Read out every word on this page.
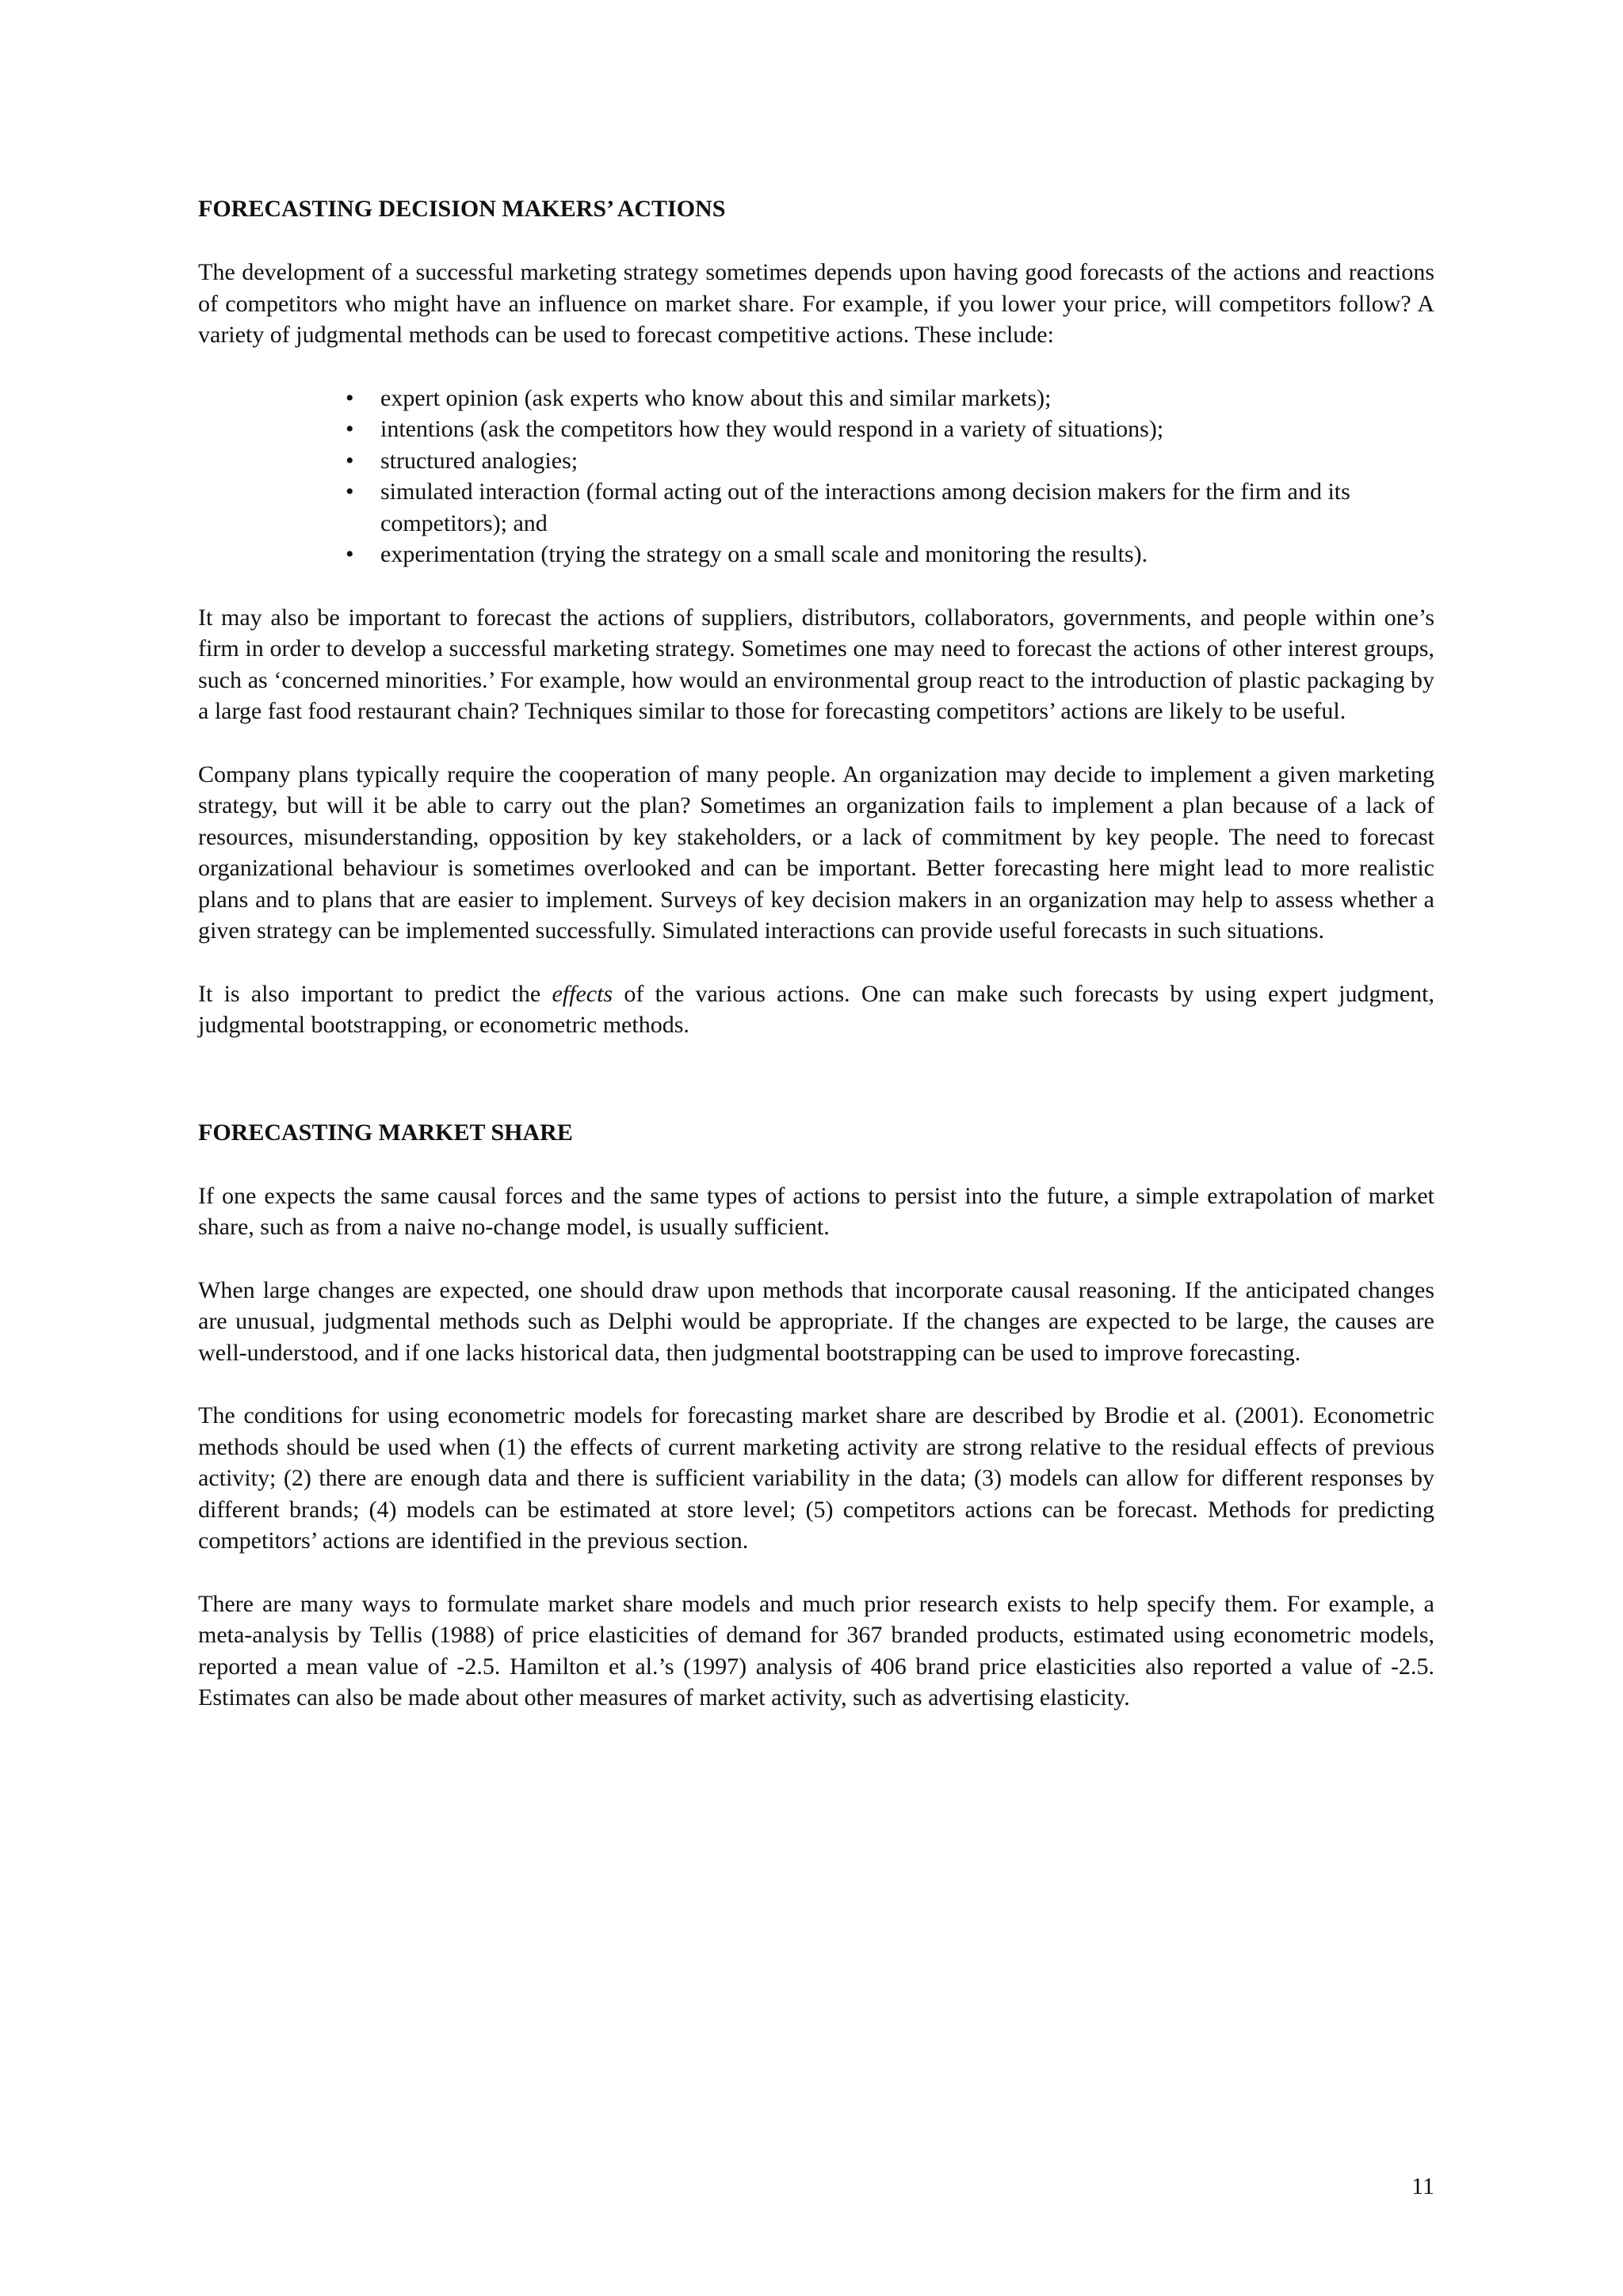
FORECASTING DECISION MAKERS’ ACTIONS

The development of a successful marketing strategy sometimes depends upon having good forecasts of the actions and reactions of competitors who might have an influence on market share. For example, if you lower your price, will competitors follow? A variety of judgmental methods can be used to forecast competitive actions. These include:

• expert opinion (ask experts who know about this and similar markets);
• intentions (ask the competitors how they would respond in a variety of situations);
• structured analogies;
• simulated interaction (formal acting out of the interactions among decision makers for the firm and its competitors); and
• experimentation (trying the strategy on a small scale and monitoring the results).

It may also be important to forecast the actions of suppliers, distributors, collaborators, governments, and people within one’s firm in order to develop a successful marketing strategy. Sometimes one may need to forecast the actions of other interest groups, such as ‘concerned minorities.’ For example, how would an environmental group react to the introduction of plastic packaging by a large fast food restaurant chain? Techniques similar to those for forecasting competitors’ actions are likely to be useful.

Company plans typically require the cooperation of many people. An organization may decide to implement a given marketing strategy, but will it be able to carry out the plan? Sometimes an organization fails to implement a plan because of a lack of resources, misunderstanding, opposition by key stakeholders, or a lack of commitment by key people. The need to forecast organizational behaviour is sometimes overlooked and can be important. Better forecasting here might lead to more realistic plans and to plans that are easier to implement. Surveys of key decision makers in an organization may help to assess whether a given strategy can be implemented successfully. Simulated interactions can provide useful forecasts in such situations.

It is also important to predict the effects of the various actions. One can make such forecasts by using expert judgment, judgmental bootstrapping, or econometric methods.

FORECASTING MARKET SHARE

If one expects the same causal forces and the same types of actions to persist into the future, a simple extrapolation of market share, such as from a naive no-change model, is usually sufficient.

When large changes are expected, one should draw upon methods that incorporate causal reasoning. If the anticipated changes are unusual, judgmental methods such as Delphi would be appropriate. If the changes are expected to be large, the causes are well-understood, and if one lacks historical data, then judgmental bootstrapping can be used to improve forecasting.

The conditions for using econometric models for forecasting market share are described by Brodie et al. (2001). Econometric methods should be used when (1) the effects of current marketing activity are strong relative to the residual effects of previous activity; (2) there are enough data and there is sufficient variability in the data; (3) models can allow for different responses by different brands; (4) models can be estimated at store level; (5) competitors actions can be forecast. Methods for predicting competitors’ actions are identified in the previous section.

There are many ways to formulate market share models and much prior research exists to help specify them. For example, a meta-analysis by Tellis (1988) of price elasticities of demand for 367 branded products, estimated using econometric models, reported a mean value of -2.5. Hamilton et al.’s (1997) analysis of 406 brand price elasticities also reported a value of -2.5. Estimates can also be made about other measures of market activity, such as advertising elasticity.

11
